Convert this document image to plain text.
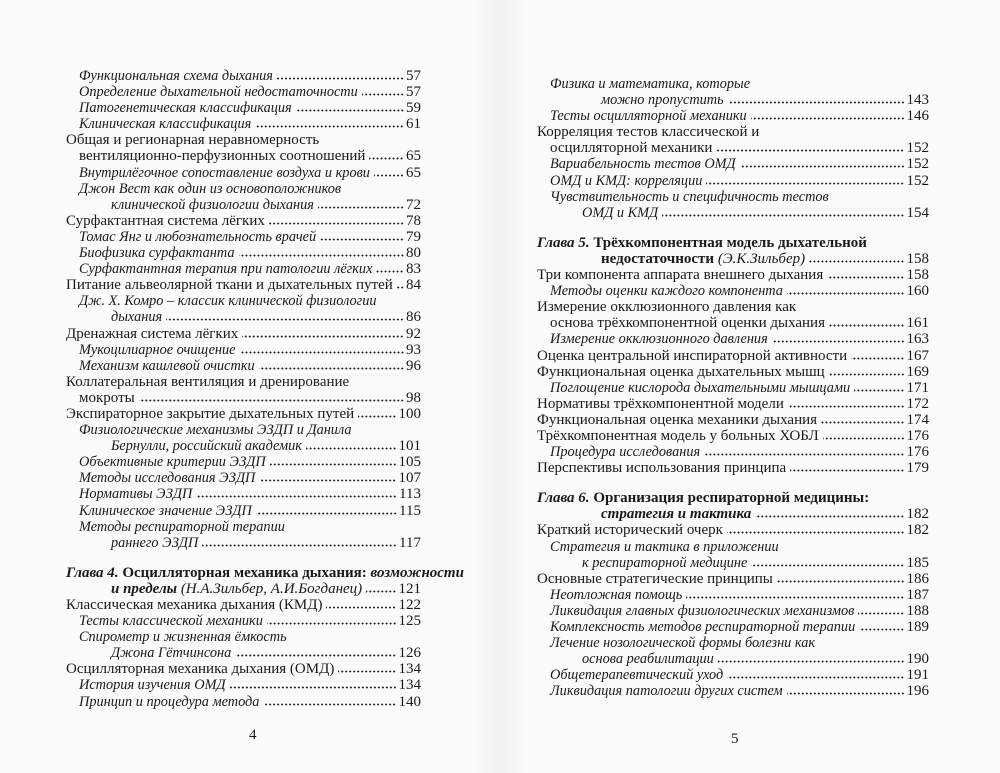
Функциональная схема дыхания	57
Определение дыхательной недостаточности	57
Патогенетическая классификация	59
Клиническая классификация	61
Общая и регионарная неравномерность
вентиляционно-перфузионных соотношений	65
Внутрилёгочное сопоставление воздуха и крови 65
Джон Вест как один из основоположников
клинической физиологии дыхания	72
Сурфактантная система лёгких	78
Томас Янг и любознательность врачей	79
Биофизика сурфактанта	80
Сурфактантная терапия при патологии лёгких 83
Питание альвеолярной ткани и дыхательных путей 84
Дж. Х. Комро – классик клинической физиологии
дыхания	86
Дренажная система лёгких	92
Мукоцилиарное очищение	93
Механизм кашлевой очистки	96
Коллатеральная вентиляция и дренирование
мокроты	98
Экспираторное закрытие дыхательных путей	100
Физиологические механизмы ЭЗДП и Данила
Бернулли, российский академик	101
Объективные критерии ЭЗДП	105
Методы исследования ЭЗДП	107
Нормативы ЭЗДП	113
Клиническое значение ЭЗДП	115
Методы респираторной терапии
раннего ЭЗДП	117
Глава 4. Осцилляторная механика дыхания: возможности
и пределы (Н.А.Зильбер, А.И.Богданец) 121
Классическая механика дыхания (КМД)	122
Тесты классической механики	125
Спирометр и жизненная ёмкость
Джона Гётчинсона	126
Осцилляторная механика дыхания (ОМД)	134
История изучения ОМД	134
Принцип и процедура метода	140
Физика и математика, которые
можно пропустить	143
Тесты осцилляторной механики	146
Корреляция тестов классической и
осцилляторной механики	152
Вариабельность тестов ОМД	152
ОМД и КМД: корреляции	152
Чувствительность и специфичность тестов
ОМД и КМД	154
Глава 5. Трёхкомпонентная модель дыхательной
недостаточности (Э.К.Зильбер)	158
Три компонента аппарата внешнего дыхания	158
Методы оценки каждого компонента	160
Измерение окклюзионного давления как
основа трёхкомпонентной оценки дыхания	161
Измерение окклюзионного давления	163
Оценка центральной инспираторной активности	167
Функциональная оценка дыхательных мышц	169
Поглощение кислорода дыхательными мышцами	171
Нормативы трёхкомпонентной модели	172
Функциональная оценка механики дыхания	174
Трёхкомпонентная модель у больных ХОБЛ	176
Процедура исследования	176
Перспективы использования принципа	179
Глава 6. Организация респираторной медицины:
стратегия и тактика	182
Краткий исторический очерк	182
Стратегия и тактика в приложении
к респираторной медицине	185
Основные стратегические принципы	186
Неотложная помощь	187
Ликвидация главных физиологических механизмов	188
Комплексность методов респираторной терапии	189
Лечение нозологической формы болезни как
основа реабилитации	190
Общетерапевтический уход	191
Ликвидация патологии других систем	196
4	5
